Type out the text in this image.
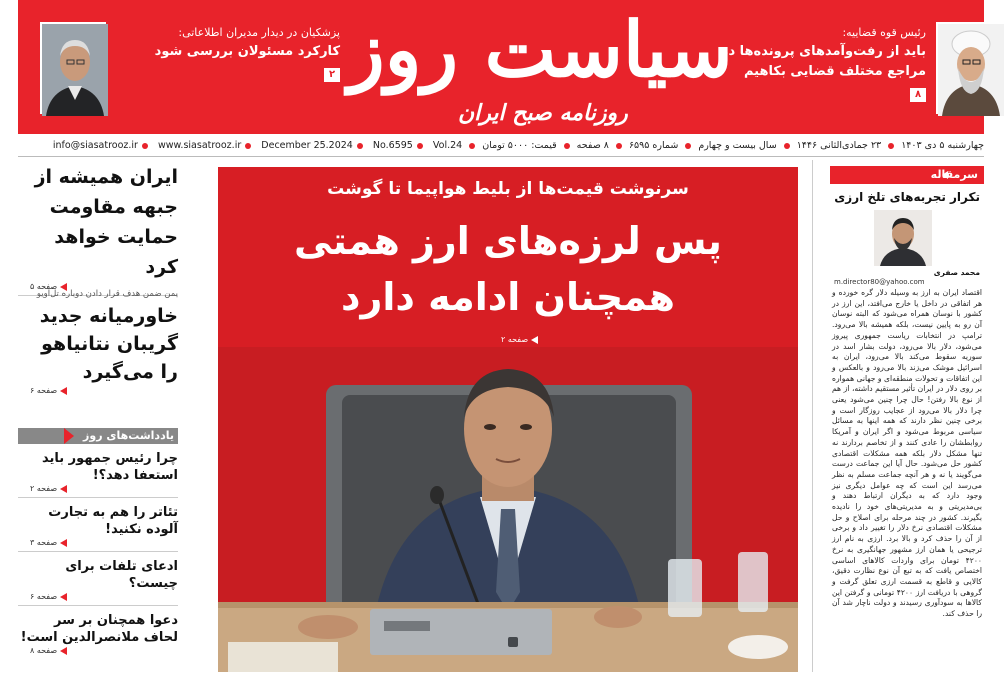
پزشکیان در دیدار مدیران اطلاعاتی:
کارکرد مسئولان بررسی شود
۲ سیاست روز
روزنامه صبح ایران
رئیس قوه قضاییه:
باید از رفت‌وآمدهای پرونده‌ها در مراجع مختلف قضایی بکاهیم
۸
چهارشنبه ۵ دی ۱۴۰۳ ۲۳ جمادی‌الثانی ۱۴۴۶ سال بیست و چهارم شماره ۶۵۹۵ ۸ صفحه قیمت: ۵۰۰۰ تومان info@siasatrooz.ir www.siasatrooz.ir December 25.2024 No.6595 Vol.24
ایران همیشه از جبهه مقاومت حمایت خواهد کرد
صفحه ۵
یمن ضمن هدف قرار دادن دوباره تل‌آویو
خاورمیانه جدید گریبان نتانیاهو را می‌گیرد
صفحه ۶
یادداشت‌های روز
چرا رئیس جمهور باید استعفا دهد؟!
صفحه ۲
تئاتر را هم به تجارت آلوده نکنید!
صفحه ۳
ادعای تلفات برای چیست؟
صفحه ۶
دعوا همچنان بر سر لحاف ملانصرالدین است!
صفحه ۸
سرنوشت قیمت‌ها از بلیط هواپیما تا گوشت
پس لرزه‌های ارز همتی
همچنان ادامه دارد
صفحه ۲
سرمقاله
تکرار تجربه‌های تلخ ارزی
محمد صفری
m.director80@yahoo.com
اقتصاد ایران به ارز به وسیله دلار گره خورده و هر اتفاقی در داخل یا خارج می‌افتد، این ارز در کشور با نوسان همراه می‌شود که البته نوسان آن رو به پایین نیست، بلکه همیشه بالا می‌رود. ترامپ در انتخابات ریاست جمهوری پیروز می‌شود، دلار بالا می‌رود، دولت بشار اسد در سوریه سقوط می‌کند بالا می‌رود، ایران به اسرائیل موشک می‌زند بالا می‌رود و بالعکس و این اتفاقات و تحولات منطقه‌ای و جهانی همواره بر روی دلار در ایران تأثیر مستقیم داشته، از هم از نوع بالا رفتن! حال چرا چنین می‌شود یعنی چرا دلار بالا می‌رود از عجایب روزگار است و برخی چنین نظر دارند که همه اینها به مسائل سیاسی مربوط می‌شود و اگر ایران و آمریکا روابطشان را عادی کنند و از تخاصم بردارند نه تنها مشکل دلار بلکه همه مشکلات اقتصادی کشور حل می‌شود. حال آیا این جماعت درست می‌گویند یا نه و هر آنچه جماعت مسلم به نظر می‌رسد این است که چه عوامل دیگری نیز وجود دارد که به دیگران ارتباط دهند و بی‌مدیریتی و به مدیریتی‌های خود را نادیده بگیرند. کشور در چند مرحله برای اصلاح و حل مشکلات اقتصادی نرخ دلار را تغییر داد و برخی از آن را حذف کرد و بالا برد. ارزی به نام ارز ترجیحی یا همان ارز مشهور جهانگیری به نرخ ۴۲۰۰ تومان برای واردات کالاهای اساسی اختصاص یافت که به تبع آن نوع نظارت دقیق، کالایی و قاطع به قسمت ارزی تعلق گرفت و گروهی با دریافت ارز ۴۲۰۰ تومانی و گرفتن این کالاها به سودآوری رسیدند و دولت ناچار شد آن را حذف کند.
